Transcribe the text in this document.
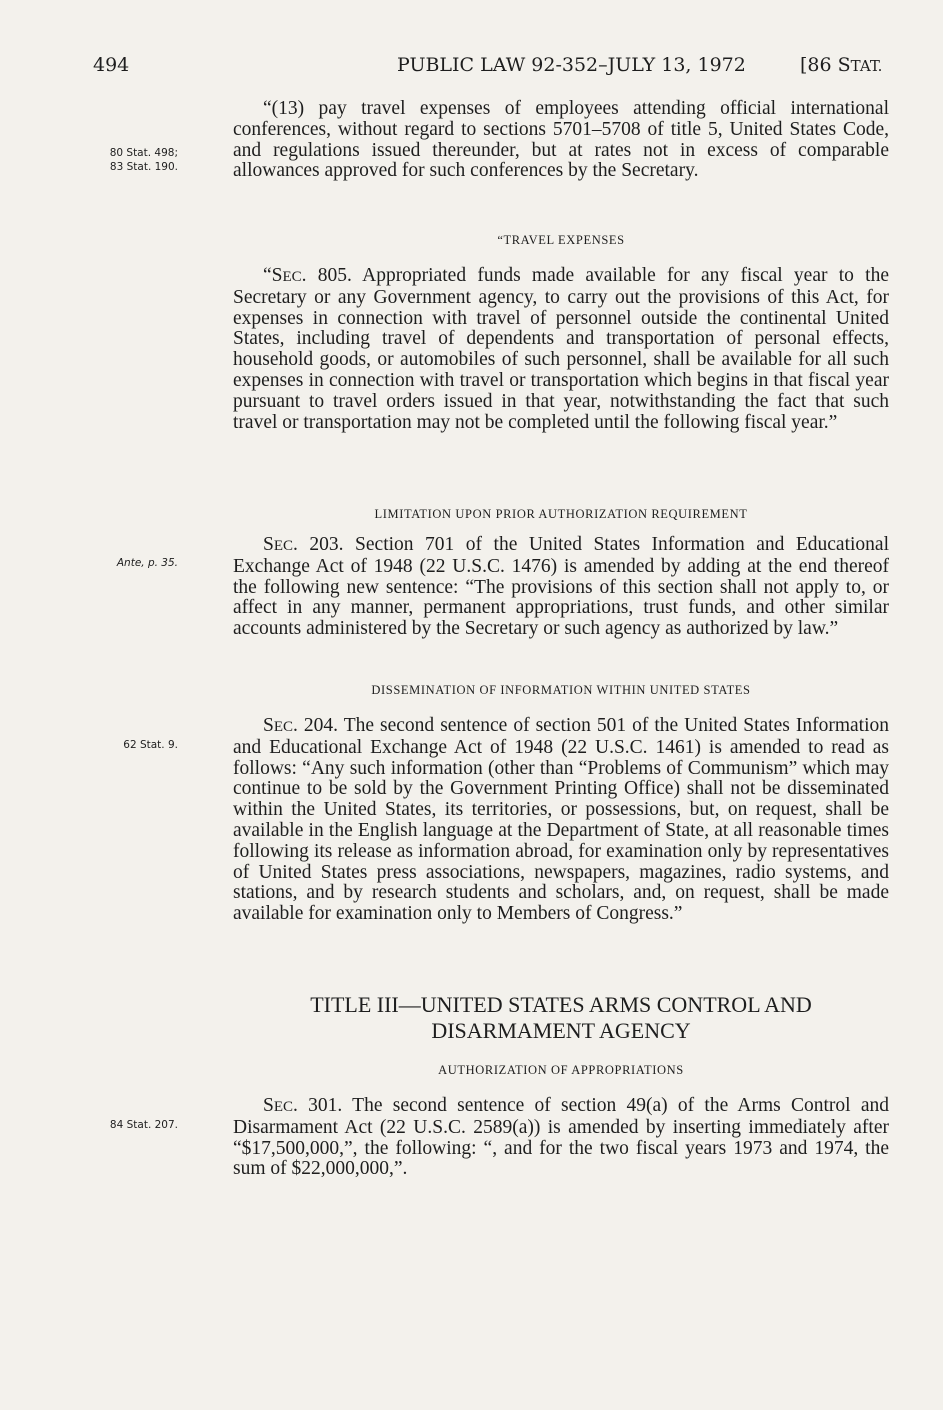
494	PUBLIC LAW 92-352–JULY 13, 1972	[86 STAT.
80 Stat. 498;
83 Stat. 190.

“(13) pay travel expenses of employees attending official international conferences, without regard to sections 5701–5708 of title 5, United States Code, and regulations issued thereunder, but at rates not in excess of comparable allowances approved for such conferences by the Secretary.

“TRAVEL EXPENSES

“SEC. 805. Appropriated funds made available for any fiscal year to the Secretary or any Government agency, to carry out the provisions of this Act, for expenses in connection with travel of personnel outside the continental United States, including travel of dependents and transportation of personal effects, household goods, or automobiles of such personnel, shall be available for all such expenses in connection with travel or transportation which begins in that fiscal year pursuant to travel orders issued in that year, notwithstanding the fact that such travel or transportation may not be completed until the following fiscal year.”

LIMITATION UPON PRIOR AUTHORIZATION REQUIREMENT
Ante, p. 35.

SEC. 203. Section 701 of the United States Information and Educational Exchange Act of 1948 (22 U.S.C. 1476) is amended by adding at the end thereof the following new sentence: “The provisions of this section shall not apply to, or affect in any manner, permanent appropriations, trust funds, and other similar accounts administered by the Secretary or such agency as authorized by law.”

DISSEMINATION OF INFORMATION WITHIN UNITED STATES
62 Stat. 9.

SEC. 204. The second sentence of section 501 of the United States Information and Educational Exchange Act of 1948 (22 U.S.C. 1461) is amended to read as follows: “Any such information (other than “Problems of Communism” which may continue to be sold by the Government Printing Office) shall not be disseminated within the United States, its territories, or possessions, but, on request, shall be available in the English language at the Department of State, at all reasonable times following its release as information abroad, for examination only by representatives of United States press associations, newspapers, magazines, radio systems, and stations, and by research students and scholars, and, on request, shall be made available for examination only to Members of Congress.”

TITLE III—UNITED STATES ARMS CONTROL AND
DISARMAMENT AGENCY
AUTHORIZATION OF APPROPRIATIONS
84 Stat. 207.

SEC. 301. The second sentence of section 49(a) of the Arms Control and Disarmament Act (22 U.S.C. 2589(a)) is amended by inserting immediately after “$17,500,000,”, the following: “, and for the two fiscal years 1973 and 1974, the sum of $22,000,000,”.
